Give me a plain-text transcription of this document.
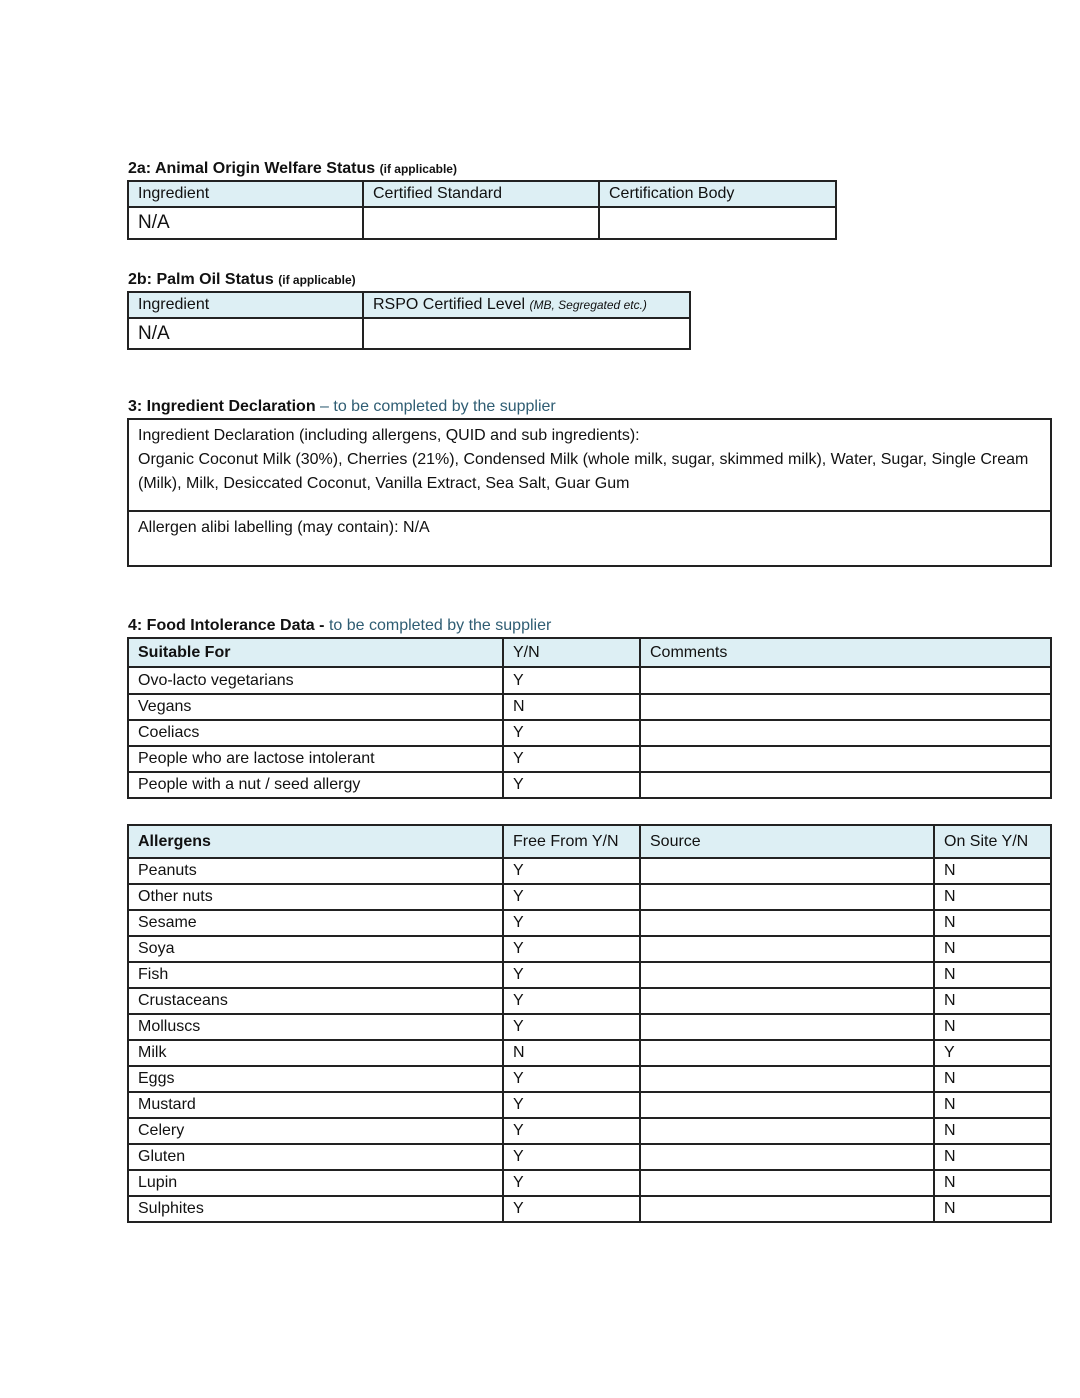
2a: Animal Origin Welfare Status (if applicable)
Ingredient	Certified Standard	Certification Body
N/A		
2b: Palm Oil Status (if applicable)
Ingredient	RSPO Certified Level (MB, Segregated etc.)
N/A	
3: Ingredient Declaration – to be completed by the supplier
Ingredient Declaration (including allergens, QUID and sub ingredients):
Organic Coconut Milk (30%), Cherries (21%), Condensed Milk (whole milk, sugar, skimmed milk), Water, Sugar, Single Cream (Milk), Milk, Desiccated Coconut, Vanilla Extract, Sea Salt, Guar Gum

Allergen alibi labelling (may contain): N/A
4: Food Intolerance Data - to be completed by the supplier
Suitable For	Y/N	Comments
Ovo-lacto vegetarians	Y	
Vegans	N	
Coeliacs	Y	
People who are lactose intolerant	Y	
People with a nut / seed allergy	Y	
Allergens	Free From Y/N	Source	On Site Y/N
Peanuts	Y		N
Other nuts	Y		N
Sesame	Y		N
Soya	Y		N
Fish	Y		N
Crustaceans	Y		N
Molluscs	Y		N
Milk	N		Y
Eggs	Y		N
Mustard	Y		N
Celery	Y		N
Gluten	Y		N
Lupin	Y		N
Sulphites	Y		N
